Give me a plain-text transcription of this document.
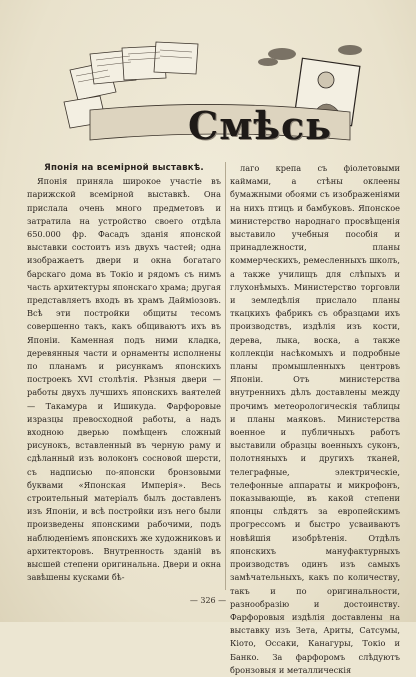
Смѣсь

Японія на всемірной выставкѣ.

Японія приняла широкое участіе въ парижской всемірной выставкѣ. Она прислала очень много предметовъ и затратила на устройство своего отдѣла 650.000 фр. Фасадъ зданія японской выставки состоитъ изъ двухъ частей; одна изображаетъ двери и окна богатаго барскаго дома въ Токіо и рядомъ съ нимъ часть архитектуры японскаго храма; другая представляетъ входъ въ храмъ Дайміозовъ. Всѣ эти постройки общиты тесомъ совершенно такъ, какъ общиваютъ ихъ въ Японіи. Каменная подъ ними кладка, деревянныя части и орнаменты исполнены по планамъ и рисункамъ японскихъ построекъ XVI столѣтія. Рѣзныя двери — работы двухъ лучшихъ японскихъ ваятелей — Такамура и Ишикуда. Фарфоровые изразцы превосходной работы, а надъ входною дверью помѣщенъ сложный рисунокъ, вставленный въ черную раму и сдѣланный изъ волоконъ сосновой шерсти, съ надписью по-японски бронзовыми буквами «Японская Имперія». Весь строительный матеріалъ былъ доставленъ изъ Японіи, и всѣ постройки изъ него были произведены японскими рабочими, подъ наблюденіемъ японскихъ же художниковъ и архитекторовъ. Внутренность зданій въ высшей степени оригинальна. Двери и окна завѣшены кусками бѣ-

лаго крепа съ фіолетовыми каймами, а стѣны оклеены бумажными обоями съ изображеніями на нихъ птицъ и бамбуковъ. Японское министерство народнаго просвѣщенія выставило учебныя пособія и принадлежности, планы коммерческихъ, ремесленныхъ школъ, а также училищъ для слѣпыхъ и глухонѣмыхъ. Министерство торговли и земледѣлія прислало планы ткацкихъ фабрикъ съ образцами ихъ производствъ, издѣлія изъ кости, дерева, лыка, воска, а также коллекціи насѣкомыхъ и подробные планы промышленныхъ центровъ Японіи. Отъ министерства внутреннихъ дѣлъ доставлены между прочимъ метеорологическія таблицы и планы маяковъ. Министерства военное и публичныхъ работъ выставили образцы военныхъ суконъ, полотняныхъ и другихъ тканей, телеграфные, электрическіе, телефонные аппараты и микрофонъ, показывающіе, въ какой степени японцы слѣдятъ за европейскимъ прогрессомъ и быстро усваиваютъ новѣйшія изобрѣтенія. Отдѣлъ японскихъ мануфактурныхъ производствъ одинъ изъ самыхъ замѣчательныхъ, какъ по количеству, такъ и по оригинальности, разнообразію и достоинству. Фарфоровыя издѣлія доставлены на выставку изъ Зета, Ариты, Сатсумы, Кіото, Оссаки, Канагуры, Токіо и Банко. За фарфоромъ слѣдуютъ бронзовыя и металлическія

— 326 —
